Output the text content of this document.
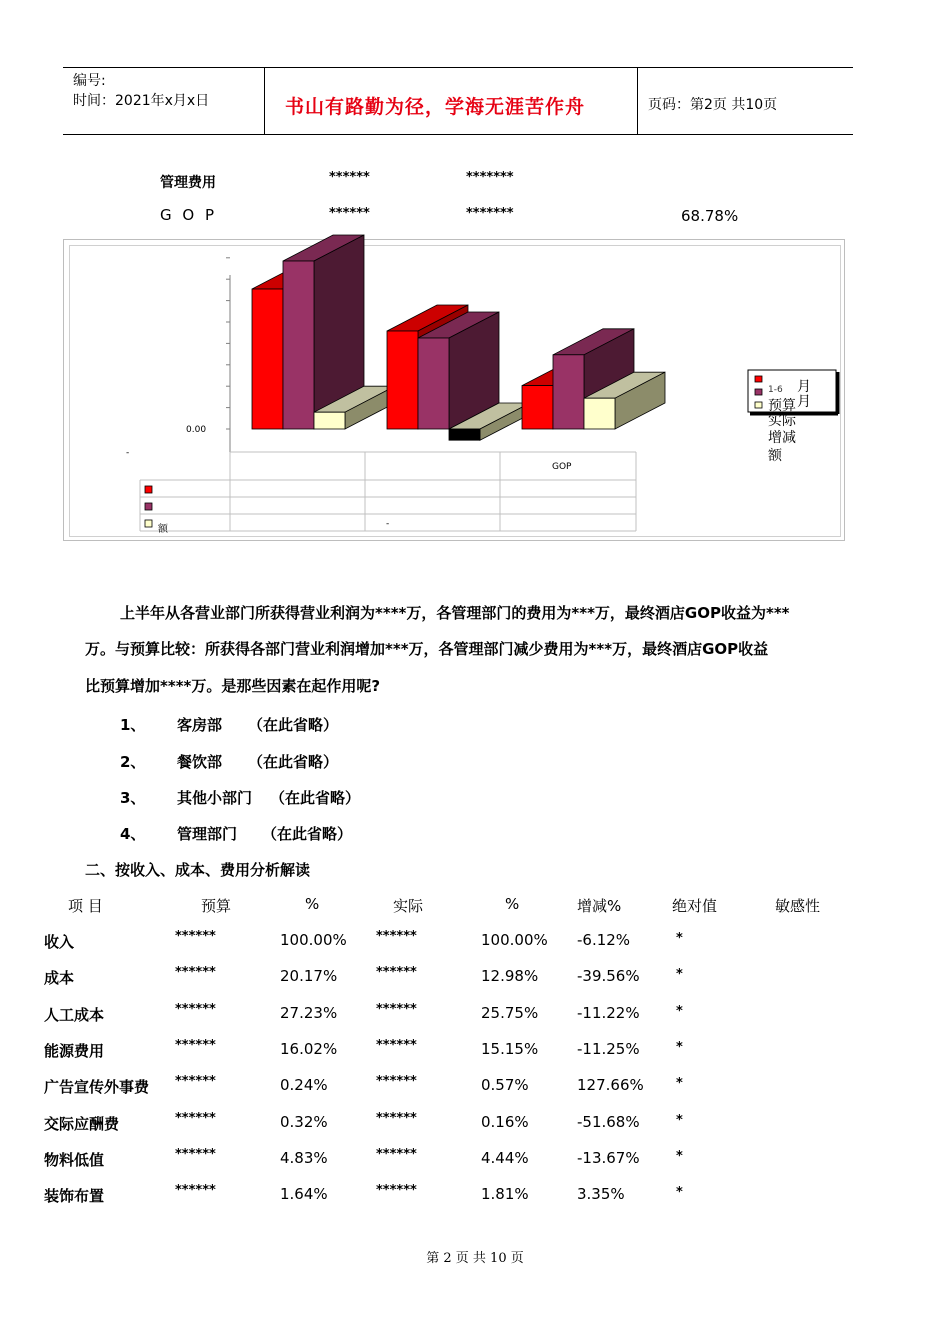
编号:
时间：2021年x月x日	书山有路勤为径，学海无涯苦作舟	页码：第2页 共10页
管理费用	******	*******
G O P	******	*******	68.78%
0.00
-
GOP
额	-
1-6 月
月
预算
实际
增减
额
上半年从各营业部门所获得营业利润为****万，各管理部门的费用为***万，最终酒店GOP收益为***
万。与预算比较：所获得各部门营业利润增加***万，各管理部门减少费用为***万，最终酒店GOP收益
比预算增加****万。是那些因素在起作用呢?
1、 客房部 （在此省略）
2、 餐饮部 （在此省略）
3、 其他小部门 （在此省略）
4、 管理部门 （在此省略）
二、按收入、成本、费用分析解读
项 目	预算	%	实际	%	增减%	绝对值	敏感性
收入	******	100.00% ******	100.00% -6.12%	*
成本	******	20.17%	******	12.98%	-39.56%	*
人工成本	******	27.23%	******	25.75%	-11.22%	*
能源费用	******	16.02%	******	15.15%	-11.25%	*
广告宣传外事费 ******	0.24%	******	0.57%	127.66% *
交际应酬费	******	0.32%	******	0.16%	-51.68%	*
物料低值	******	4.83%	******	4.44%	-13.67%	*
装饰布置	******	1.64%	******	1.81%	3.35%	*
第 2 页 共 10 页
